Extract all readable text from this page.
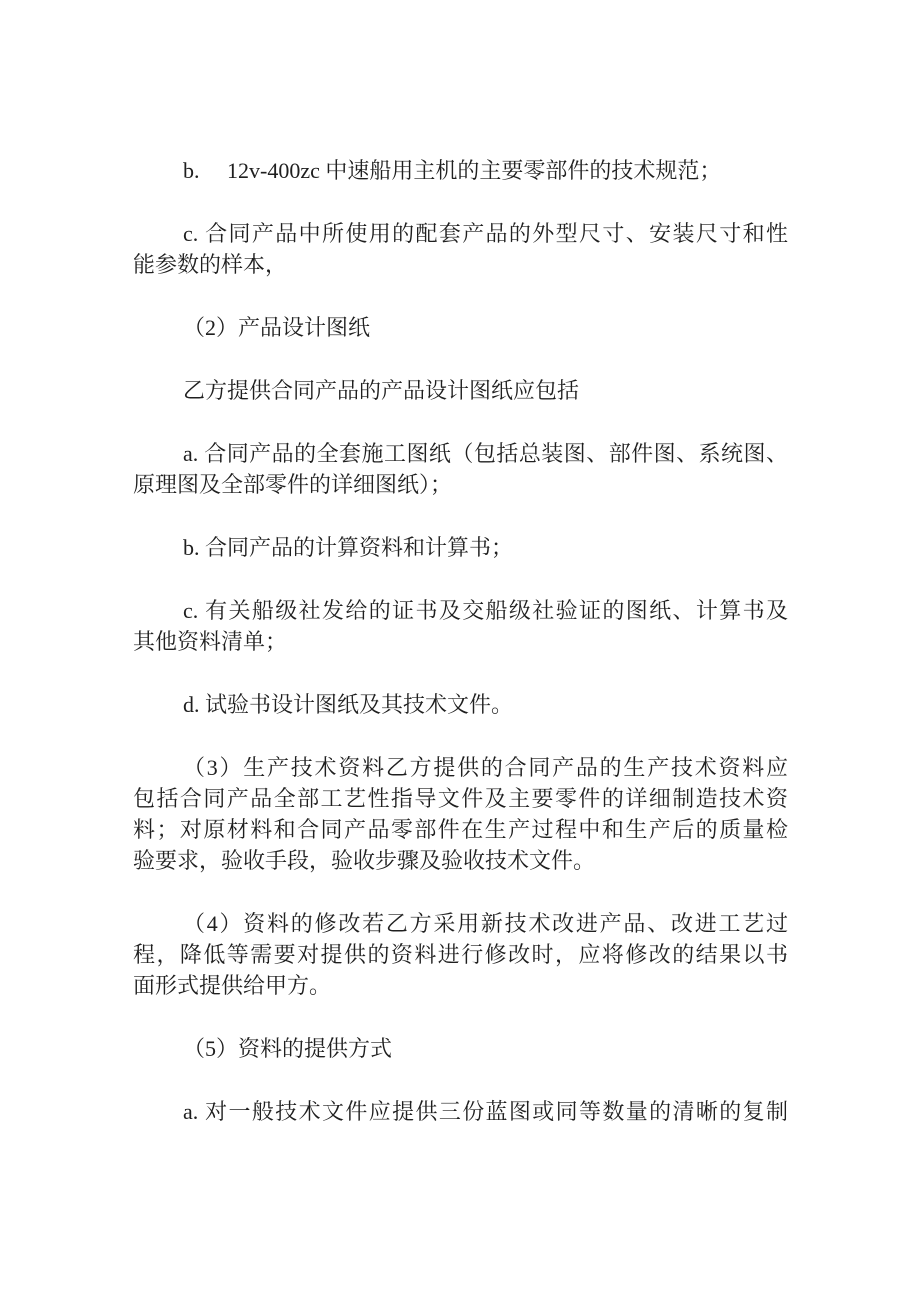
b.     12v-400zc 中速船用主机的主要零部件的技术规范；
c. 合同产品中所使用的配套产品的外型尺寸、安装尺寸和性
能参数的样本，
（2）产品设计图纸
乙方提供合同产品的产品设计图纸应包括
a. 合同产品的全套施工图纸（包括总装图、部件图、系统图、
原理图及全部零件的详细图纸）；
b. 合同产品的计算资料和计算书；
c. 有关船级社发给的证书及交船级社验证的图纸、计算书及
其他资料清单；
d. 试验书设计图纸及其技术文件。
（3）生产技术资料乙方提供的合同产品的生产技术资料应
包括合同产品全部工艺性指导文件及主要零件的详细制造技术资
料；对原材料和合同产品零部件在生产过程中和生产后的质量检
验要求，验收手段，验收步骤及验收技术文件。
（4）资料的修改若乙方采用新技术改进产品、改进工艺过
程，降低等需要对提供的资料进行修改时，应将修改的结果以书
面形式提供给甲方。
（5）资料的提供方式
a. 对一般技术文件应提供三份蓝图或同等数量的清晰的复制
